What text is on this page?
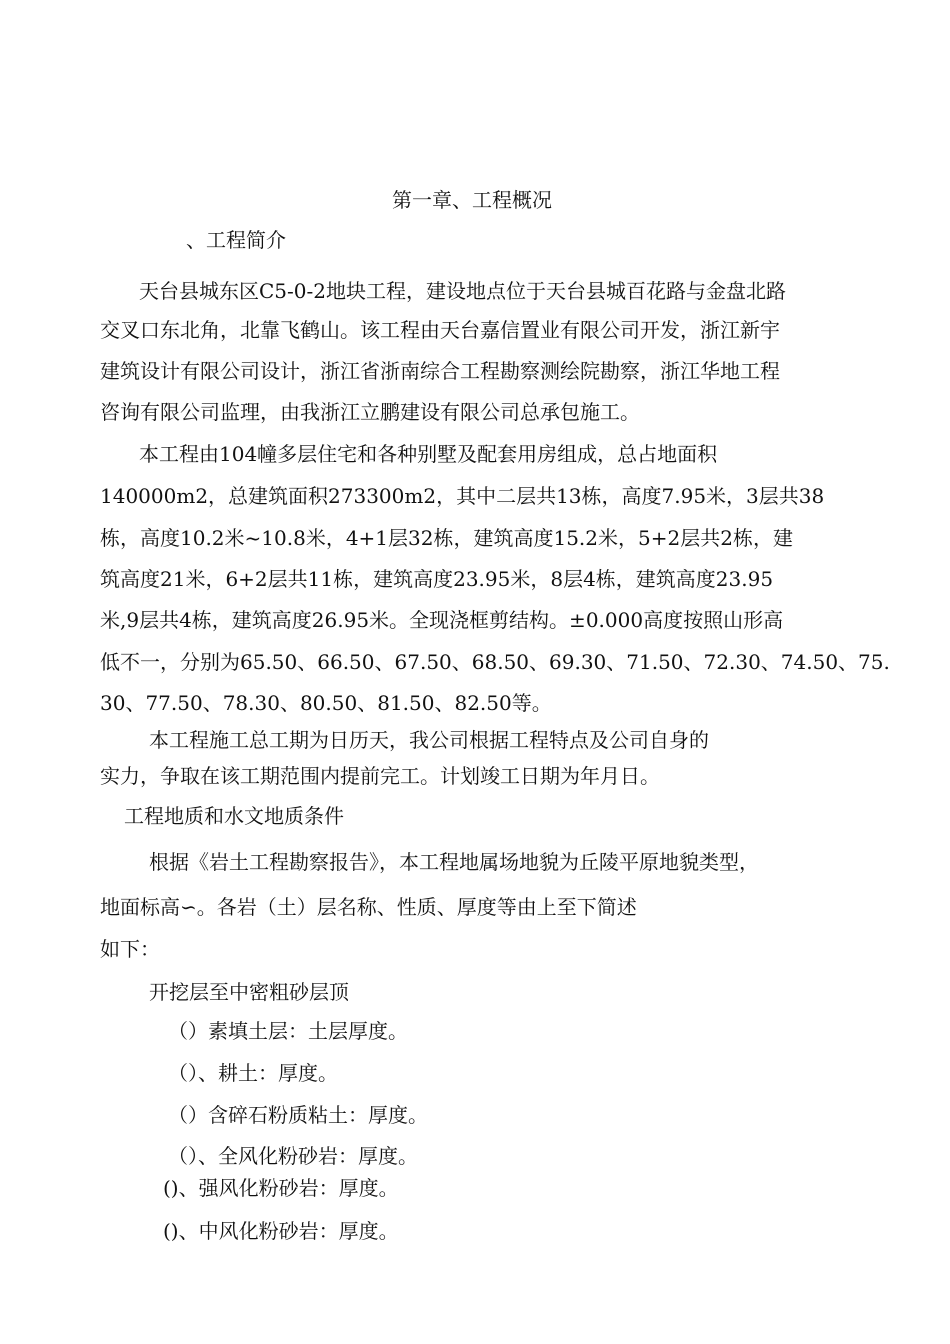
第一章、工程概况
、工程简介
天台县城东区C5-0-2地块工程，建设地点位于天台县城百花路与金盘北路
交叉口东北角，北靠飞鹤山。该工程由天台嘉信置业有限公司开发，浙江新宇
建筑设计有限公司设计，浙江省浙南综合工程勘察测绘院勘察，浙江华地工程
咨询有限公司监理，由我浙江立鹏建设有限公司总承包施工。
本工程由104幢多层住宅和各种别墅及配套用房组成，总占地面积
140000m2，总建筑面积273300m2，其中二层共13栋，高度7.95米，3层共38
栋，高度10.2米~10.8米，4+1层32栋，建筑高度15.2米，5+2层共2栋，建
筑高度21米，6+2层共11栋，建筑高度23.95米，8层4栋，建筑高度23.95
米,9层共4栋，建筑高度26.95米。全现浇框剪结构。±0.000高度按照山形高
低不一，分别为65.50、66.50、67.50、68.50、69.30、71.50、72.30、74.50、75.
30、77.50、78.30、80.50、81.50、82.50等。
本工程施工总工期为日历天，我公司根据工程特点及公司自身的
实力，争取在该工期范围内提前完工。计划竣工日期为年月日。
工程地质和水文地质条件
根据《岩土工程勘察报告》，本工程地属场地貌为丘陵平原地貌类型，
地面标高∽。各岩（土）层名称、性质、厚度等由上至下简述
如下：
开挖层至中密粗砂层顶
（）素填土层：土层厚度。
（）、耕土：厚度。
（）含碎石粉质粘土：厚度。
（）、全风化粉砂岩：厚度。
()、强风化粉砂岩：厚度。
()、中风化粉砂岩：厚度。
